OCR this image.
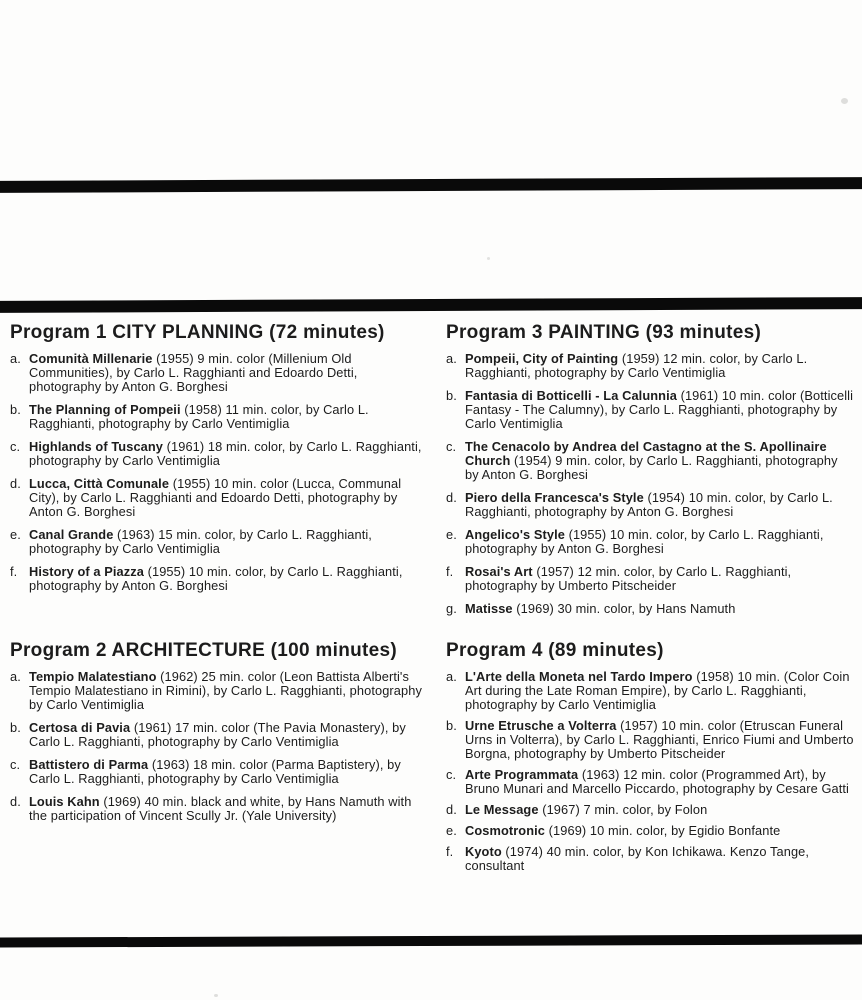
Program 1 CITY PLANNING (72 minutes)
a. Comunità Millenarie (1955) 9 min. color (Millenium Old Communities), by Carlo L. Ragghianti and Edoardo Detti, photography by Anton G. Borghesi
b. The Planning of Pompeii (1958) 11 min. color, by Carlo L. Ragghianti, photography by Carlo Ventimiglia
c. Highlands of Tuscany (1961) 18 min. color, by Carlo L. Ragghianti, photography by Carlo Ventimiglia
d. Lucca, Città Comunale (1955) 10 min. color (Lucca, Communal City), by Carlo L. Ragghianti and Edoardo Detti, photography by Anton G. Borghesi
e. Canal Grande (1963) 15 min. color, by Carlo L. Ragghianti, photography by Carlo Ventimiglia
f. History of a Piazza (1955) 10 min. color, by Carlo L. Ragghianti, photography by Anton G. Borghesi
Program 2 ARCHITECTURE (100 minutes)
a. Tempio Malatestiano (1962) 25 min. color (Leon Battista Alberti's Tempio Malatestiano in Rimini), by Carlo L. Ragghianti, photography by Carlo Ventimiglia
b. Certosa di Pavia (1961) 17 min. color (The Pavia Monastery), by Carlo L. Ragghianti, photography by Carlo Ventimiglia
c. Battistero di Parma (1963) 18 min. color (Parma Baptistery), by Carlo L. Ragghianti, photography by Carlo Ventimiglia
d. Louis Kahn (1969) 40 min. black and white, by Hans Namuth with the participation of Vincent Scully Jr. (Yale University)
Program 3 PAINTING (93 minutes)
a. Pompeii, City of Painting (1959) 12 min. color, by Carlo L. Ragghianti, photography by Carlo Ventimiglia
b. Fantasia di Botticelli - La Calunnia (1961) 10 min. color (Botticelli Fantasy - The Calumny), by Carlo L. Ragghianti, photography by Carlo Ventimiglia
c. The Cenacolo by Andrea del Castagno at the S. Apollinaire Church (1954) 9 min. color, by Carlo L. Ragghianti, photography by Anton G. Borghesi
d. Piero della Francesca's Style (1954) 10 min. color, by Carlo L. Ragghianti, photography by Anton G. Borghesi
e. Angelico's Style (1955) 10 min. color, by Carlo L. Ragghianti, photography by Anton G. Borghesi
f. Rosai's Art (1957) 12 min. color, by Carlo L. Ragghianti, photography by Umberto Pitscheider
g. Matisse (1969) 30 min. color, by Hans Namuth
Program 4 (89 minutes)
a. L'Arte della Moneta nel Tardo Impero (1958) 10 min. (Color Coin Art during the Late Roman Empire), by Carlo L. Ragghianti, photography by Carlo Ventimiglia
b. Urne Etrusche a Volterra (1957) 10 min. color (Etruscan Funeral Urns in Volterra), by Carlo L. Ragghianti, Enrico Fiumi and Umberto Borgna, photography by Umberto Pitscheider
c. Arte Programmata (1963) 12 min. color (Programmed Art), by Bruno Munari and Marcello Piccardo, photography by Cesare Gatti
d. Le Message (1967) 7 min. color, by Folon
e. Cosmotronic (1969) 10 min. color, by Egidio Bonfante
f. Kyoto (1974) 40 min. color, by Kon Ichikawa. Kenzo Tange, consultant
